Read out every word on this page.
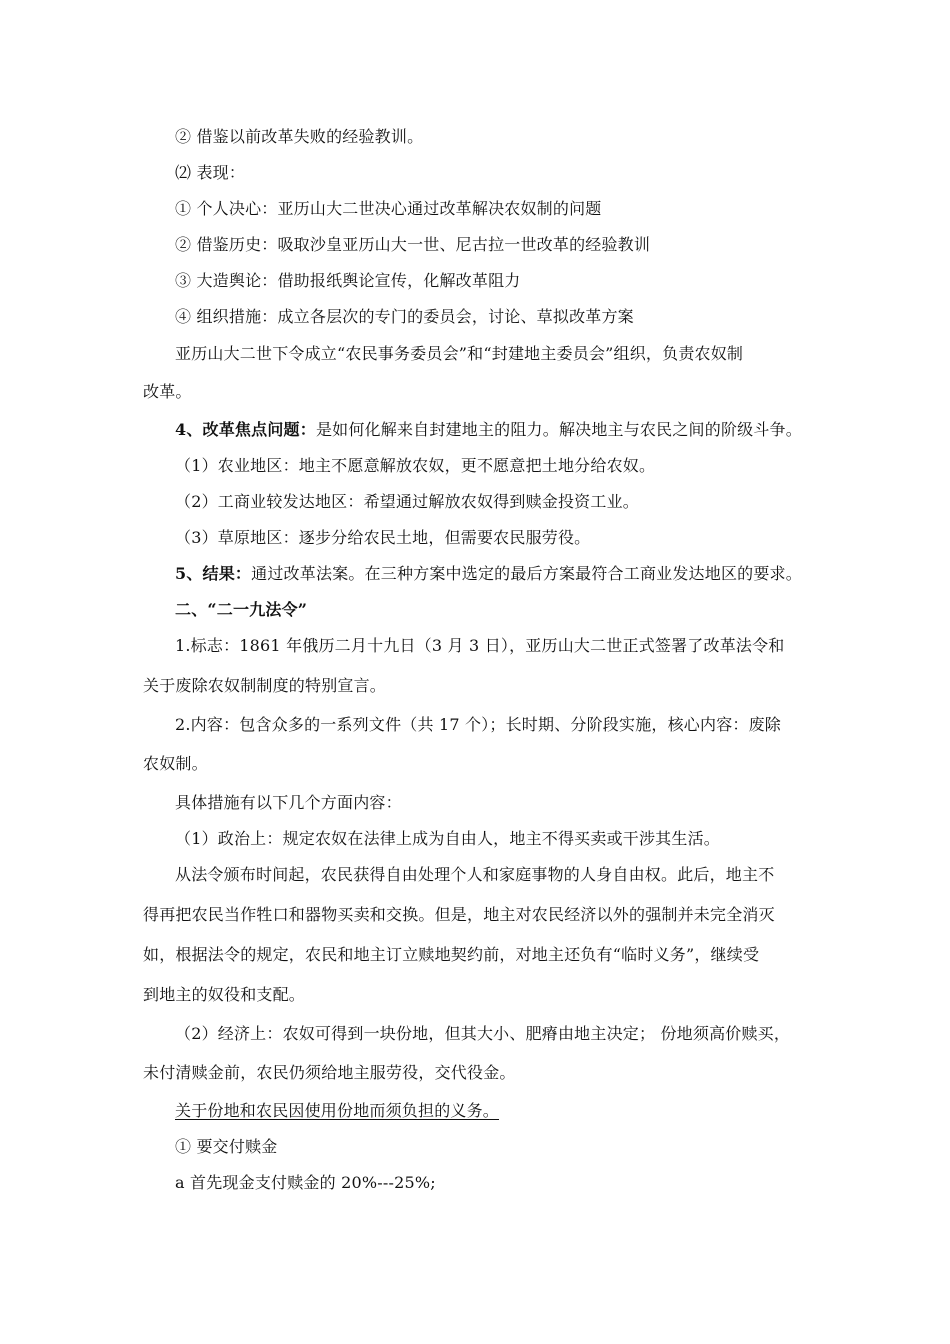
② 借鉴以前改革失败的经验教训。
⑵ 表现：
① 个人决心：亚历山大二世决心通过改革解决农奴制的问题
② 借鉴历史：吸取沙皇亚历山大一世、尼古拉一世改革的经验教训
③ 大造舆论：借助报纸舆论宣传，化解改革阻力
④ 组织措施：成立各层次的专门的委员会，讨论、草拟改革方案
亚历山大二世下令成立“农民事务委员会”和“封建地主委员会”组织，负责农奴制
改革。
4、改革焦点问题：是如何化解来自封建地主的阻力。解决地主与农民之间的阶级斗争。
（1）农业地区：地主不愿意解放农奴，更不愿意把土地分给农奴。
（2）工商业较发达地区：希望通过解放农奴得到赎金投资工业。
（3）草原地区：逐步分给农民土地，但需要农民服劳役。
5、结果：通过改革法案。在三种方案中选定的最后方案最符合工商业发达地区的要求。
二、“二一九法令”
1.标志：1861 年俄历二月十九日（3 月 3 日），亚历山大二世正式签署了改革法令和
关于废除农奴制制度的特别宣言。
2.内容：包含众多的一系列文件（共 17 个）；长时期、分阶段实施，核心内容：废除
农奴制。
具体措施有以下几个方面内容：
（1）政治上：规定农奴在法律上成为自由人，地主不得买卖或干涉其生活。
从法令颁布时间起，农民获得自由处理个人和家庭事物的人身自由权。此后，地主不
得再把农民当作牲口和器物买卖和交换。但是，地主对农民经济以外的强制并未完全消灭
如，根据法令的规定，农民和地主订立赎地契约前，对地主还负有“临时义务”，继续受
到地主的奴役和支配。
（2）经济上：农奴可得到一块份地，但其大小、肥瘠由地主决定； 份地须高价赎买，
未付清赎金前，农民仍须给地主服劳役，交代役金。
关于份地和农民因使用份地而须负担的义务。
① 要交付赎金
a 首先现金支付赎金的 20%---25%;
